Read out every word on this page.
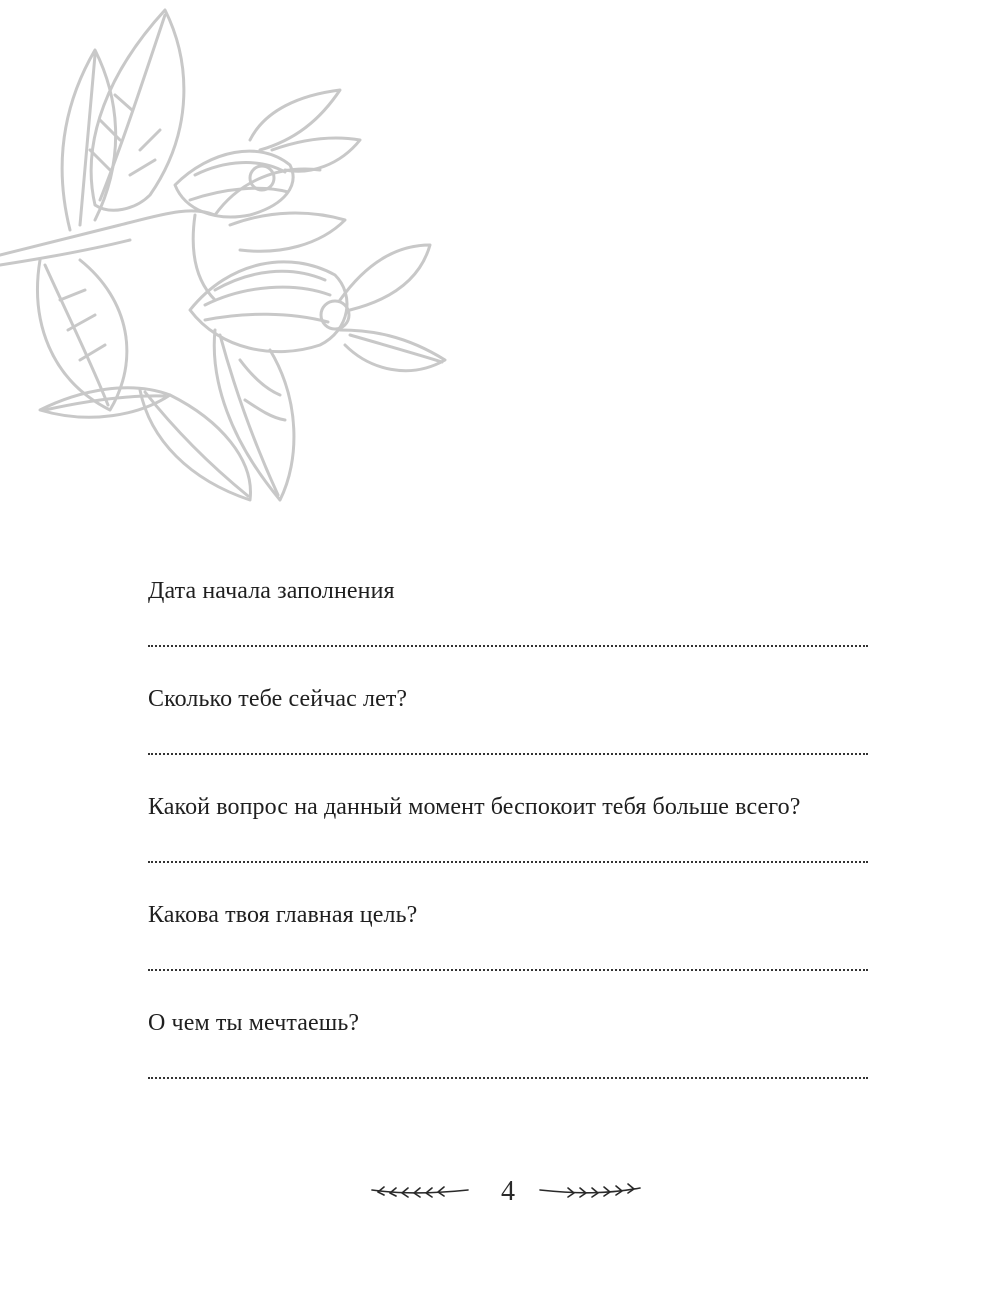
Дата начала заполнения
Сколько тебе сейчас лет?
Какой вопрос на данный момент беспокоит тебя больше всего?
Какова твоя главная цель?
О чем ты мечтаешь?
4
